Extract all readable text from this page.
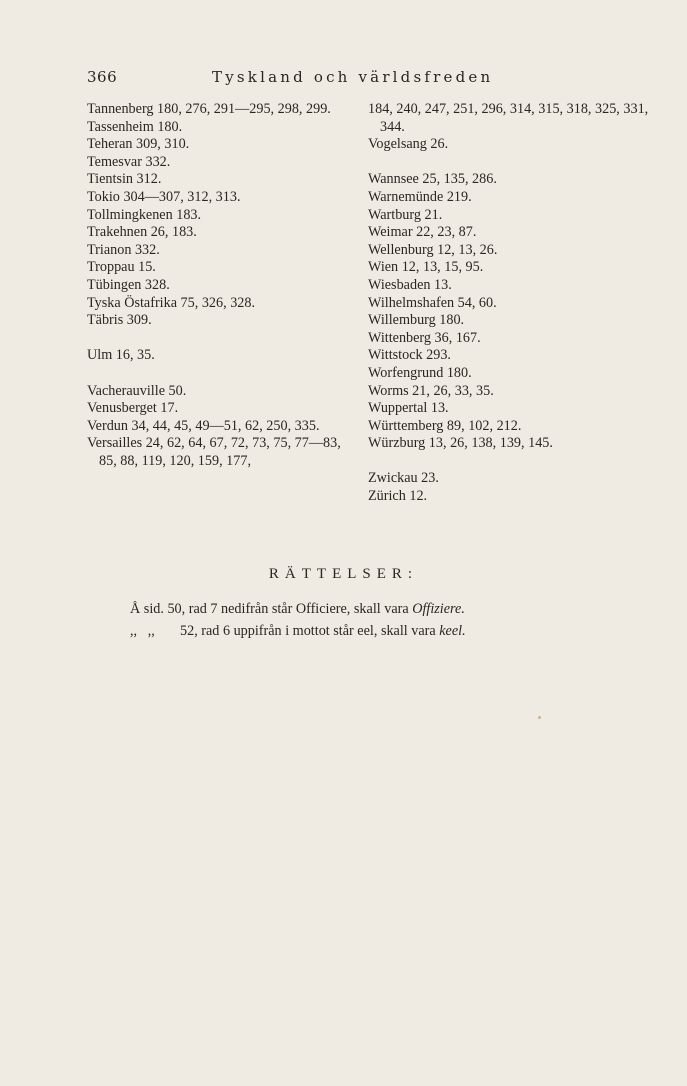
366	Tyskland och världsfreden

Tannenberg 180, 276, 291—295, 298, 299.

Tassenheim 180.

Teheran 309, 310.

Temesvar 332.

Tientsin 312.

Tokio 304—307, 312, 313.

Tollmingkenen 183.

Trakehnen 26, 183.

Trianon 332.

Troppau 15.

Tübingen 328.

Tyska Östafrika 75, 326, 328.

Täbris 309.

Ulm 16, 35.

Vacherauville 50.

Venusberget 17.

Verdun 34, 44, 45, 49—51, 62, 250, 335.

Versailles 24, 62, 64, 67, 72, 73, 75, 77—83, 85, 88, 119, 120, 159, 177,

184, 240, 247, 251, 296, 314, 315, 318, 325, 331, 344.

Vogelsang 26.

Wannsee 25, 135, 286.

Warnemünde 219.

Wartburg 21.

Weimar 22, 23, 87.

Wellenburg 12, 13, 26.

Wien 12, 13, 15, 95.

Wiesbaden 13.

Wilhelmshafen 54, 60.

Willemburg 180.

Wittenberg 36, 167.

Wittstock 293.

Worfengrund 180.

Worms 21, 26, 33, 35.

Wuppertal 13.

Württemberg 89, 102, 212.

Würzburg 13, 26, 138, 139, 145.

Zwickau 23.

Zürich 12.

RÄTTELSER:
Å sid. 50, rad 7 nedifrån står Officiere, skall vara Offiziere.
,,   ,, 52, rad 6 uppifrån i mottot står eel, skall vara keel.
